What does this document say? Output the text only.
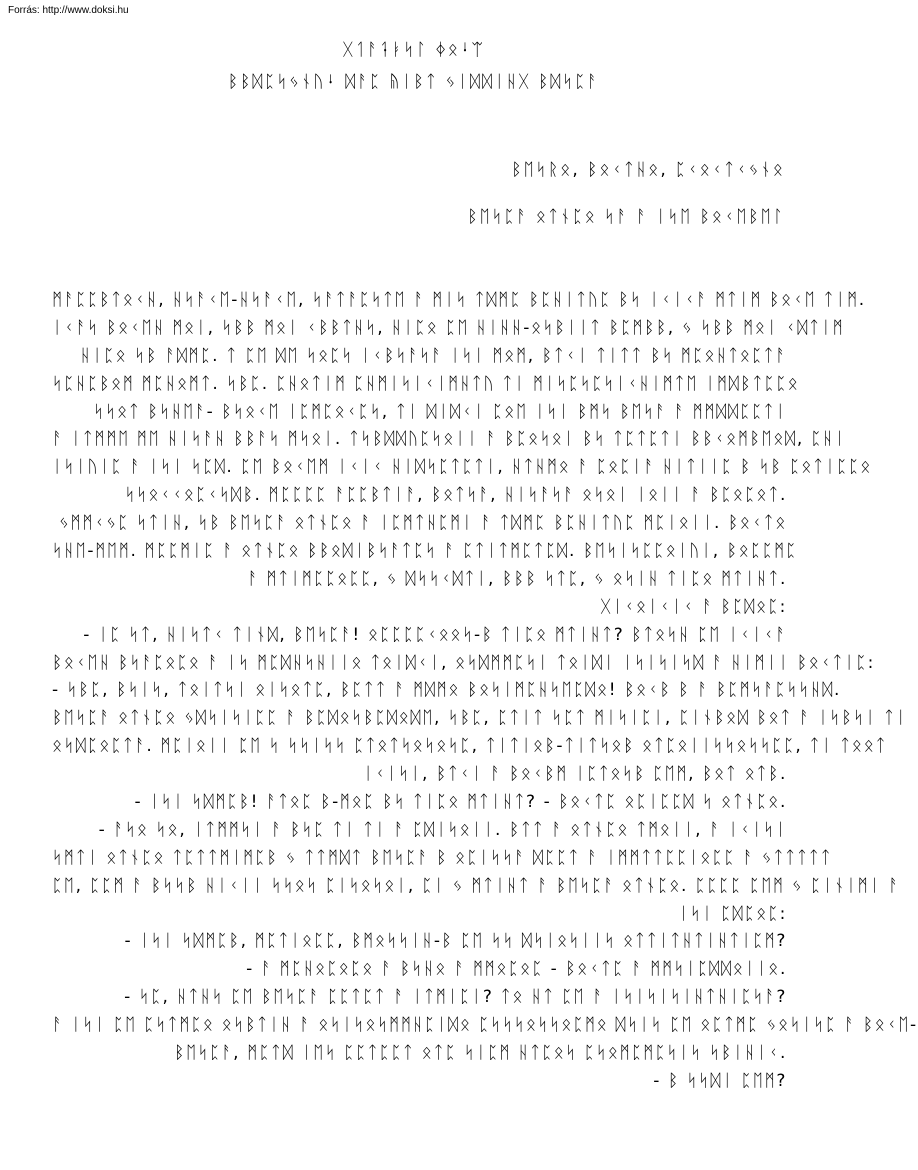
Forrás: http://www.doksi.hu
ᚷᛐᚨᛑᛓᛋᛚ ᛄᛟᛍᛠ
ᛒᛒᛞᛈᛋᛃᚾᚢᛍ ᛞᚨᛈ ᚥᛁᛒᛏ ᛃᛁᛞᛞᛁᚺᚷ ᛒᛞᛋᛈᚨ
ᛒᛖᛋᚱᛟ, ᛒᛟᚲᛏᚺᛟ, ᛈᚲᛟᚲᛏᚲᛃᚾᛟ
ᛒᛖᛋᛈᚨ ᛟᛏᚾᛈᛟ ᛋᚨ ᚨ ᛁᛋᛖ ᛒᛟᚲᛖᛒᛖᛚ
ᛗᚨᛈᛈᛒᛏᛟᚲᚺ, ᚺᛋᚨᚲᛖ-ᚺᛋᚨᚲᛖ, ᛋᚨᛏᚨᛈᛋᛏᛖ ᚨ ᛗᛁᛋ ᛏᛞᛗᛈ ᛒᛈᚺᛁᛏᚢᛈ ᛒᛋ ᛁᚲᛁᚲᚨ ᛗᛏᛁᛗ ᛒᛟᚲᛖ ᛏᛁᛗ.
ᛁᚲᚨᛋ ᛒᛟᚲᛖᚺ ᛗᛟᛁ, ᛋᛒᛒ ᛗᛟᛁ ᚲᛒᛒᛏᚺᛋ, ᚺᛁᛈᛟ ᛈᛖ ᚺᛁᚺᚺ-ᛟᛋᛒᛁᛁᛏ ᛒᛈᛗᛒᛒ, ᛃ ᛋᛒᛒ ᛗᛟᛁ ᚲᛞᛏᛁᛗ
ᚺᛁᛈᛟ ᛋᛒ ᚨᛞᛗᛈ. ᛏ ᛈᛖ ᛞᛖ ᛋᛟᛈᛋ ᛁᚲᛒᛋᚨᛋᚨ ᛁᛋᛁ ᛗᛟᛗ, ᛒᛏᚲᛁ ᛏᛁᛏᛏ ᛒᛋ ᛗᛈᛟᚺᛏᛟᛈᛏᚨ
ᛋᛈᚺᛈᛒᛟᛗ ᛗᛈᚺᛟᛗᛏ. ᛋᛒᛈ. ᛈᚺᛟᛏᛁᛗ ᛈᚺᛗᛁᛋᛁᚲᛁᛗᚺᛏᚢ ᛏᛁ ᛗᛁᛋᛈᛋᛈᛋᛁᚲᚺᛁᛗᛏᛖ ᛁᛗᛞᛒᛏᛈᛈᛟ
ᛋᛋᛟᛏ ᛒᛋᚺᛖᚨ- ᛒᛋᛟᚲᛖ ᛁᛈᛗᛈᛟᚲᛈᛋ, ᛏᛁ ᛞᛁᛞᚲᛁ ᛈᛟᛖ ᛁᛋᛁ ᛒᛗᛋ ᛒᛖᛋᚨ ᚨ ᛗᛗᛞᛞᛈᛈᛏᛁ
ᚨ ᛁᛏᛗᛗᛖ ᛗᛖ ᚺᛁᛋᚨᚺ ᛒᛒᚨᛋ ᛗᛋᛟᛁ. ᛏᛋᛒᛞᛞᚢᛈᛋᛟᛁᛁ ᚨ ᛒᛈᛟᛋᛟᛁ ᛒᛋ ᛏᛈᛏᛈᛏᛁ ᛒᛒᚲᛟᛗᛒᛖᛟᛞ, ᛈᚺᛁ
ᛁᛋᛁᚢᛁᛈ ᚨ ᛁᛋᛁ ᛋᛈᛞ. ᛈᛖ ᛒᛟᚲᛖᛗ ᛁᚲᛁᚲ ᚺᛁᛞᛋᛈᛏᛈᛏᛁ, ᚺᛏᚺᛗᛟ ᚨ ᛈᛟᛈᛁᚨ ᚺᛁᛏᛁᛁᛈ ᛒ ᛋᛒ ᛈᛟᛏᛁᛈᛈᛟ
ᛋᛋᛟᚲᚲᛟᛈᚲᛋᛞᛒ. ᛗᛈᛈᛈᛈ ᚨᛈᛈᛒᛏᛁᚨ, ᛒᛟᛏᛋᚨ, ᚺᛁᛋᚨᛋᚨ ᛟᛋᛟᛁ ᛁᛟᛁᛁ ᚨ ᛒᛈᛟᛈᛟᛏ.
ᛃᛗᛗᚲᛃᛈ ᛋᛏᛁᚺ, ᛋᛒ ᛒᛖᛋᛈᚨ ᛟᛏᚾᛈᛟ ᚨ ᛁᛈᛗᛏᚺᛈᛗᛁ ᚨ ᛏᛞᛗᛈ ᛒᛈᚺᛁᛏᚢᛈ ᛗᛈᛁᛟᛁᛁ. ᛒᛟᚲᛏᛟ
ᛋᚺᛖ-ᛗᛖᛗ. ᛗᛈᛈᛗᛁᛈ ᚨ ᛟᛏᚾᛈᛟ ᛒᛒᛟᛞᛁᛒᛋᚨᛏᛈᛋ ᚨ ᛈᛏᛁᛏᛗᛈᛏᛈᛞ. ᛒᛖᛋᛁᛋᛈᛈᛟᛁᚢᛁ, ᛒᛟᛈᛈᛗᛈ
ᚨ ᛗᛏᛁᛗᛈᛈᛟᛈᛈ, ᛃ ᛞᛋᛋᚲᛞᛏᛁ, ᛒᛒᛒ ᛋᛏᛈ, ᛃ ᛟᛋᛁᚺ ᛏᛁᛈᛟ ᛗᛏᛁᚺᛏ.
ᚷᛁᚲᛟᛁᚲᛁᚲ ᚨ ᛒᛈᛞᛟᛈ:
- ᛁᛈ ᛋᛏ, ᚺᛁᛋᛏᚲ ᛏᛁᚾᛞ, ᛒᛖᛋᛈᚨ! ᛟᛈᛈᛈᛈᚲᛟᛟᛋ-ᛒ ᛏᛁᛈᛟ ᛗᛏᛁᚺᛏ? ᛒᛏᛟᛋᚺ ᛈᛖ ᛁᚲᛁᚲᚨ
ᛒᛟᚲᛖᚺ ᛒᛋᚨᛈᛟᛈᛟ ᚨ ᛁᛋ ᛗᛈᛞᚺᛋᚺᛁᛁᛟ ᛏᛟᛁᛞᚲᛁ, ᛟᛋᛞᛗᛗᛈᛋᛁ ᛏᛟᛁᛞᛁ ᛁᛋᛁᛋᛁᛋᛞ ᚨ ᚺᛁᛗᛁᛁ ᛒᛟᚲᛏᛁᛈ:
- ᛋᛒᛈ, ᛒᛋᛁᛋ, ᛏᛟᛁᛏᛋᛁ ᛟᛁᛋᛟᛏᛈ, ᛒᛈᛏᛏ ᚨ ᛗᛞᛗᛟ ᛒᛟᛋᛁᛗᛈᚺᛋᛖᛈᛞᛟ! ᛒᛟᚲᛒ ᛒ ᚨ ᛒᛈᛗᛋᚨᛈᛋᛋᚺᛞ.
ᛒᛖᛋᛈᚨ ᛟᛏᚾᛈᛟ ᛃᛞᛋᛁᛋᛁᛈᛈ ᚨ ᛒᛈᛞᛟᛋᛒᛈᛞᛟᛞᛖ, ᛋᛒᛈ, ᛈᛏᛁᛏ ᛋᛈᛏ ᛗᛁᛋᛁᛈᛁ, ᛈᛁᚾᛒᛟᛞ ᛒᛟᛏ ᚨ ᛁᛋᛒᛋᛁ ᛏᛁ
ᛟᛋᛞᛈᛟᛈᛏᚨ. ᛗᛈᛁᛟᛁᛁ ᛈᛖ ᛋ ᛋᛋᛁᛋᛋ ᛈᛏᛟᛏᛋᛟᛋᛟᛋᛈ, ᛏᛁᛏᛁᛟᛒ-ᛏᛁᛏᛋᛟᛒ ᛟᛏᛈᛟᛁᛁᛋᛋᛟᛋᛋᛈᛈ, ᛏᛁ ᛏᛟᛟᛏ
ᛁᚲᛁᛋᛁ, ᛒᛏᚲᛁ ᚨ ᛒᛟᚲᛒᛗ ᛁᛈᛏᛟᛋᛒ ᛈᛖᛗ, ᛒᛟᛏ ᛟᛏᛒ.
- ᛁᛋᛁ ᛋᛞᛗᛈᛒ! ᚨᛏᛟᛈ ᛒ-ᛗᛟᛈ ᛒᛋ ᛏᛁᛈᛟ ᛗᛏᛁᚺᛏ? - ᛒᛟᚲᛏᛈ ᛟᛈᛁᛈᛈᛞ ᛋ ᛟᛏᚾᛈᛟ.
- ᚨᛋᛟ ᛋᛟ, ᛁᛏᛗᛗᛋᛁ ᚨ ᛒᛋᛈ ᛏᛁ ᛏᛁ ᚨ ᛈᛞᛁᛋᛟᛁᛁ. ᛒᛏᛏ ᚨ ᛟᛏᚾᛈᛟ ᛏᛗᛟᛁᛁ, ᚨ ᛁᚲᛁᛋᛁ
ᛋᛗᛏᛁ ᛟᛏᚾᛈᛟ ᛏᛈᛏᛏᛗᛁᛗᛈᛒ ᛃ ᛏᛏᛗᛞᛏ ᛒᛖᛋᛈᚨ ᛒ ᛟᛈᛁᛋᛋᚨ ᛞᛈᛈᛏ ᚨ ᛁᛗᛗᛏᛏᛈᛈᛁᛟᛈᛈ ᚨ ᛃᛏᛏᛏᛏᛏ
ᛈᛖ, ᛈᛈᛗ ᚨ ᛒᛋᛋᛒ ᚺᛁᚲᛁᛁ ᛋᛋᛟᛋ ᛈᛁᛋᛟᛋᛟᛁ, ᛈᛁ ᛃ ᛗᛏᛁᚺᛏ ᚨ ᛒᛖᛋᛈᚨ ᛟᛏᚾᛈᛟ. ᛈᛈᛈᛈ ᛈᛖᛗ ᛃ ᛈᛁᚾᛁᛗᛁ ᚨ
ᛁᛋᛁ ᛈᛞᛈᛟᛈ:
- ᛁᛋᛁ ᛋᛞᛗᛈᛒ, ᛗᛈᛏᛁᛟᛈᛈ, ᛒᛗᛟᛋᛋᛁᚺ-ᛒ ᛈᛖ ᛋᛋ ᛞᛋᛁᛟᛋᛁᛁᛋ ᛟᛏᛏᛁᛏᚺᛏᛁᚺᛏᛁᛈᛗ?
- ᚨ ᛗᛈᚺᛟᛈᛟᛈᛟ ᚨ ᛒᛋᚺᛟ ᚨ ᛗᛗᛟᛈᛟᛈ - ᛒᛟᚲᛏᛈ ᚨ ᛗᛗᛋᛁᛈᛞᛞᛟᛁᛁᛟ.
- ᛋᛈ, ᚺᛏᚺᛋ ᛈᛖ ᛒᛖᛋᛈᚨ ᛈᛈᛏᛈᛏ ᚨ ᛁᛏᛗᛁᛈᛁ? ᛏᛟ ᚺᛏ ᛈᛖ ᚨ ᛁᛋᛁᛋᛁᛋᛁᚺᛏᚺᛁᛈᛋᚨ?
ᚨ ᛁᛋᛁ ᛈᛖ ᛈᛋᛏᛗᛈᛟ ᛟᛋᛒᛏᛁᚺ ᚨ ᛟᛋᛁᛋᛟᛋᛗᛗᚺᛈᛁᛞᛟ ᛈᛋᛋᛋᛟᛋᛋᛟᛈᛗᛟ ᛞᛋᛁᛋ ᛈᛖ ᛟᛈᛏᛗᛈ ᛃᛟᛋᛁᛋᛈ ᚨ ᛒᛟᚲᛖ-
ᛒᛖᛋᛈᚨ, ᛗᛈᛏᛞ ᛁᛖᛋ ᛈᛈᛏᛈᛈᛏ ᛟᛏᛈ ᛋᛁᛈᛗ ᚺᛏᛈᛟᛋ ᛈᛋᛟᛗᛈᛗᛈᛋᛁᛋ ᛋᛒᛁᚺᛁᚲ.
- ᛒ ᛋᛋᛞᛁ ᛈᛖᛗ?
